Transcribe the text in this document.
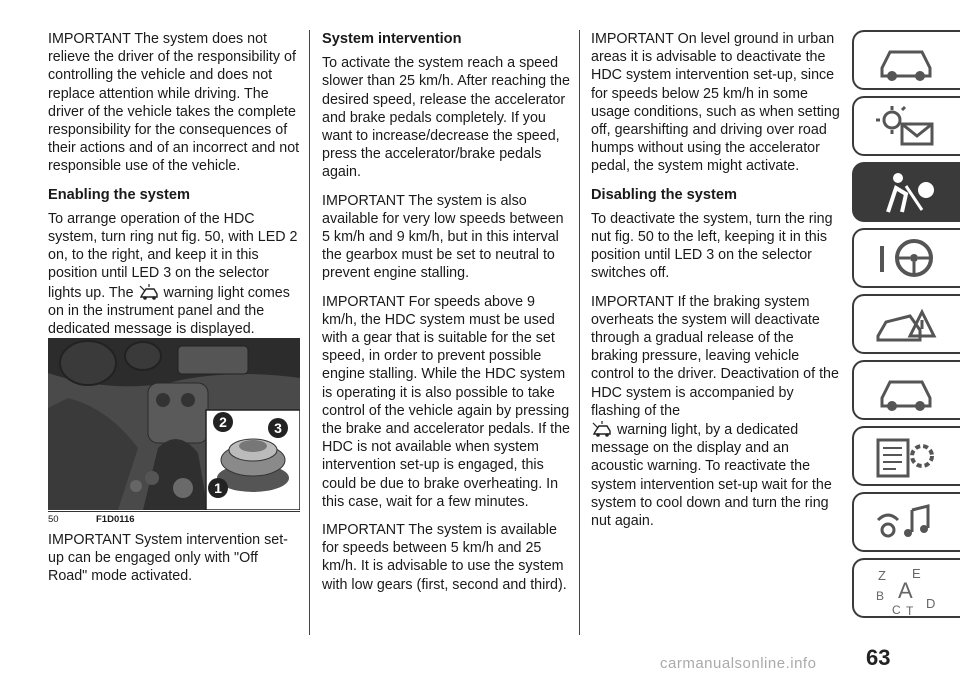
IMPORTANT The system does not relieve the driver of the responsibility of controlling the vehicle and does not replace attention while driving. The driver of the vehicle takes the complete responsibility for the consequences of their actions and of an incorrect and not responsible use of the vehicle.

Enabling the system

To arrange operation of the HDC system, turn ring nut fig. 50, with LED 2 on, to the right, and keep it in this position until LED 3 on the selector lights up. The warning light comes on in the instrument panel and the dedicated message is displayed.

2	3
1
50	F1D0116

IMPORTANT System intervention set-up can be engaged only with "Off Road" mode activated.

System intervention

To activate the system reach a speed slower than 25 km/h. After reaching the desired speed, release the accelerator and brake pedals completely. If you want to increase/decrease the speed, press the accelerator/brake pedals again.

IMPORTANT The system is also available for very low speeds between 5 km/h and 9 km/h, but in this interval the gearbox must be set to neutral to prevent engine stalling.

IMPORTANT For speeds above 9 km/h, the HDC system must be used with a gear that is suitable for the set speed, in order to prevent possible engine stalling. While the HDC system is operating it is also possible to take control of the vehicle again by pressing the brake and accelerator pedals. If the HDC is not available when system intervention set-up is engaged, this could be due to brake overheating. In this case, wait for a few minutes.

IMPORTANT The system is available for speeds between 5 km/h and 25 km/h. It is advisable to use the system with low gears (first, second and third).

IMPORTANT On level ground in urban areas it is advisable to deactivate the HDC system intervention set-up, since for speeds below 25 km/h in some usage conditions, such as when setting off, gearshifting and driving over road humps without using the accelerator pedal, the system might activate.

Disabling the system

To deactivate the system, turn the ring nut fig. 50 to the left, keeping it in this position until LED 3 on the selector switches off.

IMPORTANT If the braking system overheats the system will deactivate through a gradual release of the braking pressure, leaving vehicle control to the driver. Deactivation of the HDC system is accompanied by flashing of the
warning light, by a dedicated message on the display and an acoustic warning. To reactivate the system intervention set-up wait for the system to cool down and turn the ring nut again.

Z E
B A
C T D
63
carmanualsonline.info
